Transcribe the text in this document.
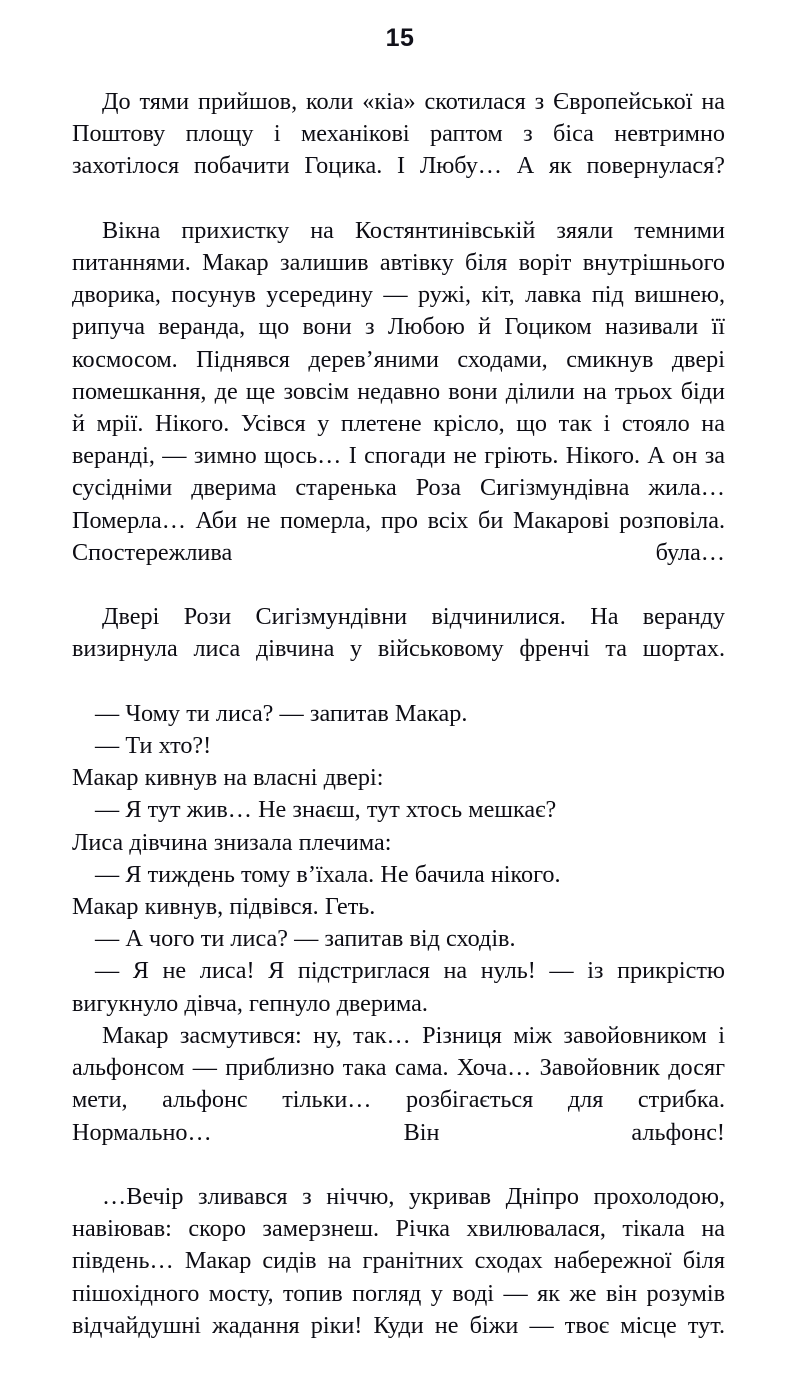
15

До тями прийшов, коли «кіа» скотилася з Європейської на Поштову площу і механікові раптом з біса невтримно захотілося побачити Гоцика. І Любу… А як повернулася?

Вікна прихистку на Костянтинівській зяяли темними питаннями. Макар залишив автівку біля воріт внутрішнього дворика, посунув усередину — ружі, кіт, лавка під вишнею, рипуча веранда, що вони з Любою й Гоциком називали її космосом. Піднявся дерев’яними сходами, смикнув двері помешкання, де ще зовсім недавно вони ділили на трьох біди й мрії. Нікого. Усівся у плетене крісло, що так і стояло на веранді, — зимно щось… І спогади не гріють. Нікого. А он за сусідніми дверима старенька Роза Сигізмундівна жила… Померла… Аби не померла, про всіх би Макарові розповіла. Спостережлива була…

Двері Рози Сигізмундівни відчинилися. На веранду визирнула лиса дівчина у військовому френчі та шортах.

— Чому ти лиса? — запитав Макар.

— Ти хто?!

Макар кивнув на власні двері:

— Я тут жив… Не знаєш, тут хтось мешкає?

Лиса дівчина знизала плечима:

— Я тиждень тому в’їхала. Не бачила нікого.

Макар кивнув, підвівся. Геть.

— А чого ти лиса? — запитав від сходів.

— Я не лиса! Я підстриглася на нуль! — із прикрістю вигукнуло дівча, гепнуло дверима.

Макар засмутився: ну, так… Різниця між завойовником і альфонсом — приблизно така сама. Хоча… Завойовник досяг мети, альфонс тільки… розбігається для стрибка. Нормально… Він альфонс!

…Вечір зливався з ніччю, укривав Дніпро прохолодою, навіював: скоро замерзнеш. Річка хвилювалася, тікала на південь… Макар сидів на гранітних сходах набережної біля пішохідного мосту, топив погляд у воді — як же він розумів відчайдушні жадання ріки! Куди не біжи — твоє місце тут.
